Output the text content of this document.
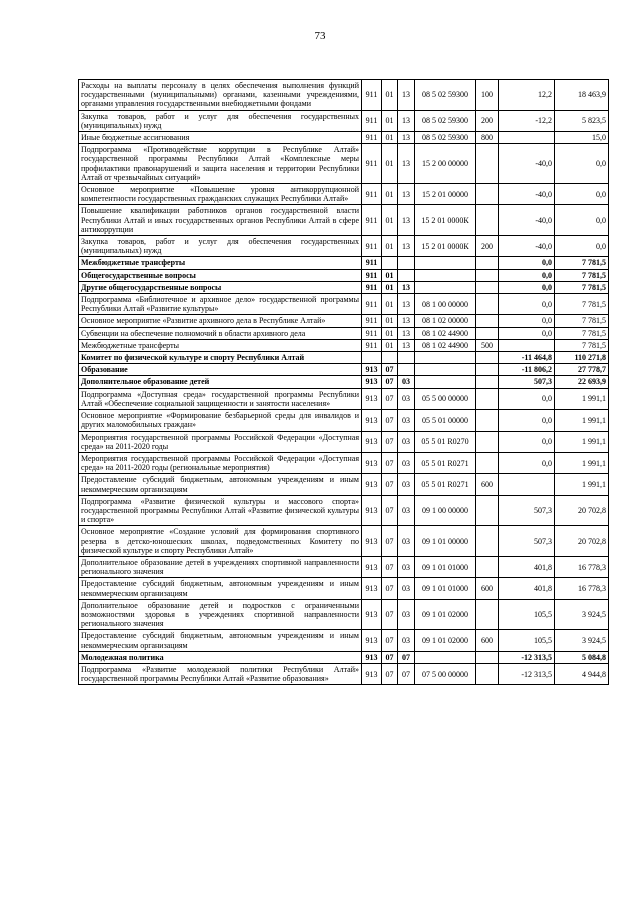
73
Расходы на выплаты персоналу в целях обеспечения выполнения функций государственными (муниципальными) органами, казенными учреждениями, органами управления государственными внебюджетными фондами	911	01	13	08 5 02 59300	100	12,2	18 463,9
Закупка товаров, работ и услуг для обеспечения государственных (муниципальных) нужд	911	01	13	08 5 02 59300	200	-12,2	5 823,5
Иные бюджетные ассигнования	911	01	13	08 5 02 59300	800		15,0
Подпрограмма «Противодействие коррупции в Республике Алтай» государственной программы Республики Алтай «Комплексные меры профилактики правонарушений и защита населения и территории Республики Алтай от чрезвычайных ситуаций»	911	01	13	15 2 00 00000		-40,0	0,0
Основное мероприятие «Повышение уровня антикоррупционной компетентности государственных гражданских служащих Республики Алтай»	911	01	13	15 2 01 00000		-40,0	0,0
Повышение квалификации работников органов государственной власти Республики Алтай и иных государственных органов Республики Алтай в сфере антикоррупции	911	01	13	15 2 01 0000К		-40,0	0,0
Закупка товаров, работ и услуг для обеспечения государственных (муниципальных) нужд	911	01	13	15 2 01 0000К	200	-40,0	0,0
Межбюджетные трансферты	911					0,0	7 781,5
Общегосударственные вопросы	911	01				0,0	7 781,5
Другие общегосударственные вопросы	911	01	13			0,0	7 781,5
Подпрограмма «Библиотечное и архивное дело» государственной программы Республики Алтай «Развитие культуры»	911	01	13	08 1 00 00000		0,0	7 781,5
Основное мероприятие «Развитие архивного дела в Республике Алтай»	911	01	13	08 1 02 00000		0,0	7 781,5
Субвенции на обеспечение полномочий в области архивного дела	911	01	13	08 1 02 44900		0,0	7 781,5
Межбюджетные трансферты	911	01	13	08 1 02 44900	500		7 781,5
Комитет по физической культуре и спорту Республики Алтай						-11 464,8	110 271,8
Образование	913	07				-11 806,2	27 778,7
Дополнительное образование детей	913	07	03			507,3	22 693,9
Подпрограмма «Доступная среда» государственной программы Республики Алтай «Обеспечение социальной защищенности и занятости населения»	913	07	03	05 5 00 00000		0,0	1 991,1
Основное мероприятие «Формирование безбарьерной среды для инвалидов и других маломобильных граждан»	913	07	03	05 5 01 00000		0,0	1 991,1
Мероприятия государственной программы Российской Федерации «Доступная среда» на 2011-2020 годы	913	07	03	05 5 01 R0270		0,0	1 991,1
Мероприятия государственной программы Российской Федерации «Доступная среда» на 2011-2020 годы (региональные мероприятия)	913	07	03	05 5 01 R0271		0,0	1 991,1
Предоставление субсидий бюджетным, автономным учреждениям и иным некоммерческим организациям	913	07	03	05 5 01 R0271	600		1 991,1
Подпрограмма «Развитие физической культуры и массового спорта» государственной программы Республики Алтай «Развитие физической культуры и спорта»	913	07	03	09 1 00 00000		507,3	20 702,8
Основное мероприятие «Создание условий для формирования спортивного резерва в детско-юношеских школах, подведомственных Комитету по физической культуре и спорту Республики Алтай»	913	07	03	09 1 01 00000		507,3	20 702,8
Дополнительное образование детей в учреждениях спортивной направленности регионального значения	913	07	03	09 1 01 01000		401,8	16 778,3
Предоставление субсидий бюджетным, автономным учреждениям и иным некоммерческим организациям	913	07	03	09 1 01 01000	600	401,8	16 778,3
Дополнительное образование детей и подростков с ограниченными возможностями здоровья в учреждениях спортивной направленности регионального значения	913	07	03	09 1 01 02000		105,5	3 924,5
Предоставление субсидий бюджетным, автономным учреждениям и иным некоммерческим организациям	913	07	03	09 1 01 02000	600	105,5	3 924,5
Молодежная политика	913	07	07			-12 313,5	5 084,8
Подпрограмма «Развитие молодежной политики Республики Алтай» государственной программы Республики Алтай «Развитие образования»	913	07	07	07 5 00 00000		-12 313,5	4 944,8
